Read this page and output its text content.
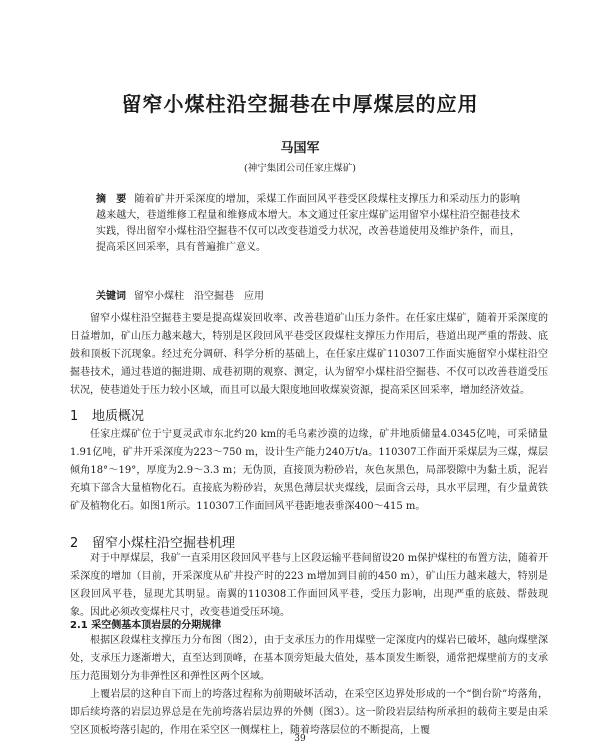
留窄小煤柱沿空掘巷在中厚煤层的应用
马国军
(神宁集团公司任家庄煤矿)
摘　要 随着矿井开采深度的增加，采煤工作面回风平巷受区段煤柱支撑压力和采动压力的影响越来越大，巷道维修工程量和维修成本增大。本文通过任家庄煤矿运用留窄小煤柱沿空掘巷技术实践，得出留窄小煤柱沿空掘巷不仅可以改变巷道受力状况，改善巷道使用及维护条件，而且，提高采区回采率，具有普遍推广意义。
关键词 留窄小煤柱　沿空掘巷　应用
留窄小煤柱沿空掘巷主要是提高煤炭回收率、改善巷道矿山压力条件。在任家庄煤矿，随着开采深度的日益增加，矿山压力越来越大，特别是区段回风平巷受区段煤柱支撑压力作用后，巷道出现严重的帮鼓、底鼓和顶板下沉现象。经过充分调研、科学分析的基础上，在任家庄煤矿110307工作面实施留窄小煤柱沿空掘巷技术，通过巷道的掘进期、成巷初期的观察、测定，认为留窄小煤柱沿空掘巷、不仅可以改善巷道受压状况，使巷道处于压力较小区域，而且可以最大限度地回收煤炭资源，提高采区回采率，增加经济效益。
1 地质概况
任家庄煤矿位于宁夏灵武市东北约20 km的毛乌素沙漠的边缘，矿井地质储量4.0345亿吨，可采储量1.91亿吨，矿井开采深度为223～750 m，设计生产能力240万t/a。110307工作面开采煤层为三煤，煤层倾角18°～19°，厚度为2.9～3.3 m；无伪顶，直接顶为粉砂岩，灰色灰黑色，局部裂隙中为黏土质，泥岩充填下部含大量植物化石。直接底为粉砂岩，灰黑色薄层状夹煤线，层面含云母，具水平层理，有少量黄铁矿及植物化石。如图1所示。110307工作面回风平巷距地表垂深400～415 m。
2 留窄小煤柱沿空掘巷机理
对于中厚煤层，我矿一直采用区段回风平巷与上区段运输平巷间留设20 m保护煤柱的布置方法，随着开采深度的增加（目前，开采深度从矿井投产时的223 m增加到目前的450 m），矿山压力越来越大，特别是区段回风平巷，显现尤其明显。南翼的110308工作面回风平巷，受压力影响，出现严重的底鼓、帮鼓现象。因此必须改变煤柱尺寸，改变巷道受压环境。
2.1 采空侧基本顶岩层的分期规律
根据区段煤柱支撑压力分布图（图2），由于支承压力的作用煤壁一定深度内的煤岩已破坏，越向煤壁深处，支承压力逐渐增大，直至达到顶峰，在基本顶旁矩最大值处，基本顶发生断裂，通常把煤壁前方的支承压力范围划分为非弹性区和弹性区两个区域。
上覆岩层的这种自下而上的垮落过程称为前期破坏活动，在采空区边界处形成的一个“倒台阶”垮落角，即后续垮落的岩层边界总是在先前垮落岩层边界的外侧（图3）。这一阶段岩层结构所承担的载荷主要是由采空区顶板垮落引起的，作用在采空区一侧煤柱上，随着垮落层位的不断提高，上覆
39
